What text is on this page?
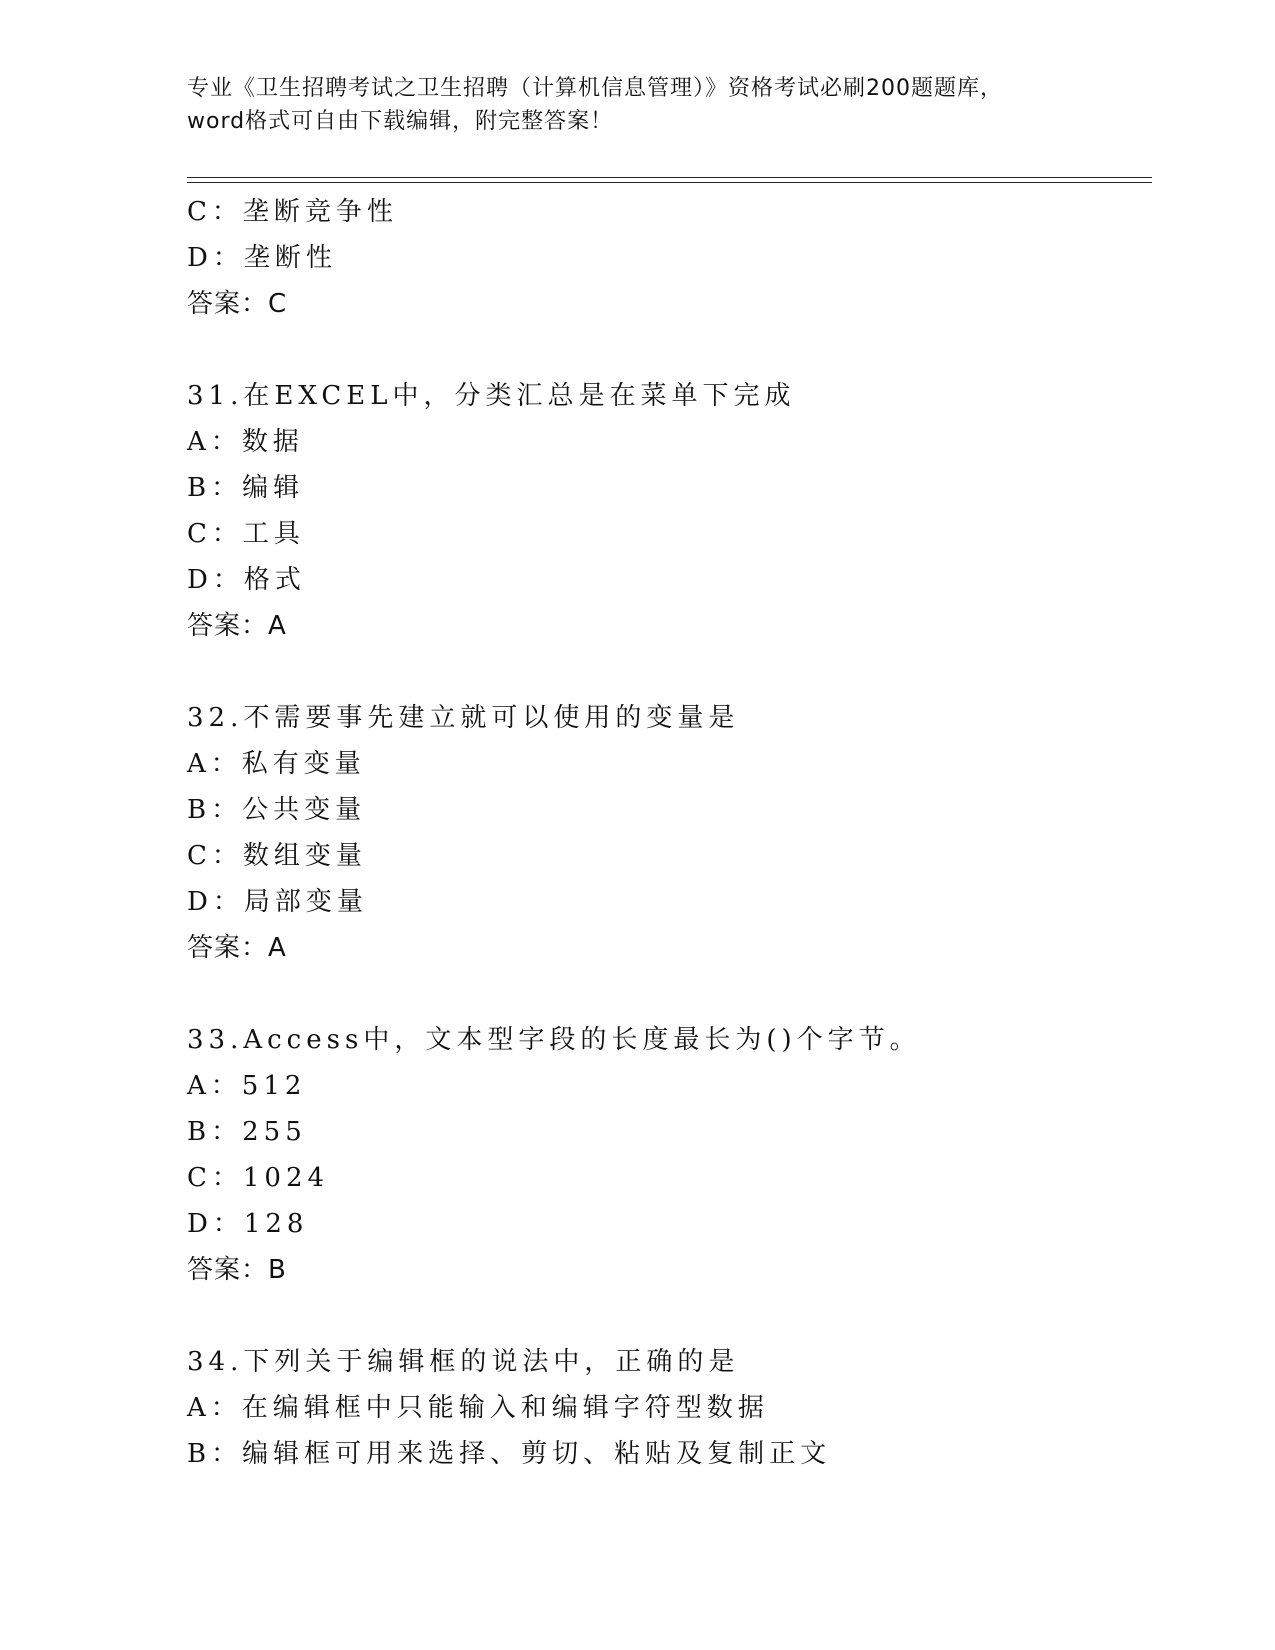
专业《卫生招聘考试之卫生招聘（计算机信息管理）》资格考试必刷200题题库，
word格式可自由下载编辑，附完整答案！
C：垄断竞争性
D：垄断性
答案：C
31.在EXCEL中，分类汇总是在菜单下完成
A：数据
B：编辑
C：工具
D：格式
答案：A
32.不需要事先建立就可以使用的变量是
A：私有变量
B：公共变量
C：数组变量
D：局部变量
答案：A
33.Access中，文本型字段的长度最长为()个字节。
A：512
B：255
C：1024
D：128
答案：B
34.下列关于编辑框的说法中，正确的是
A：在编辑框中只能输入和编辑字符型数据
B：编辑框可用来选择、剪切、粘贴及复制正文
